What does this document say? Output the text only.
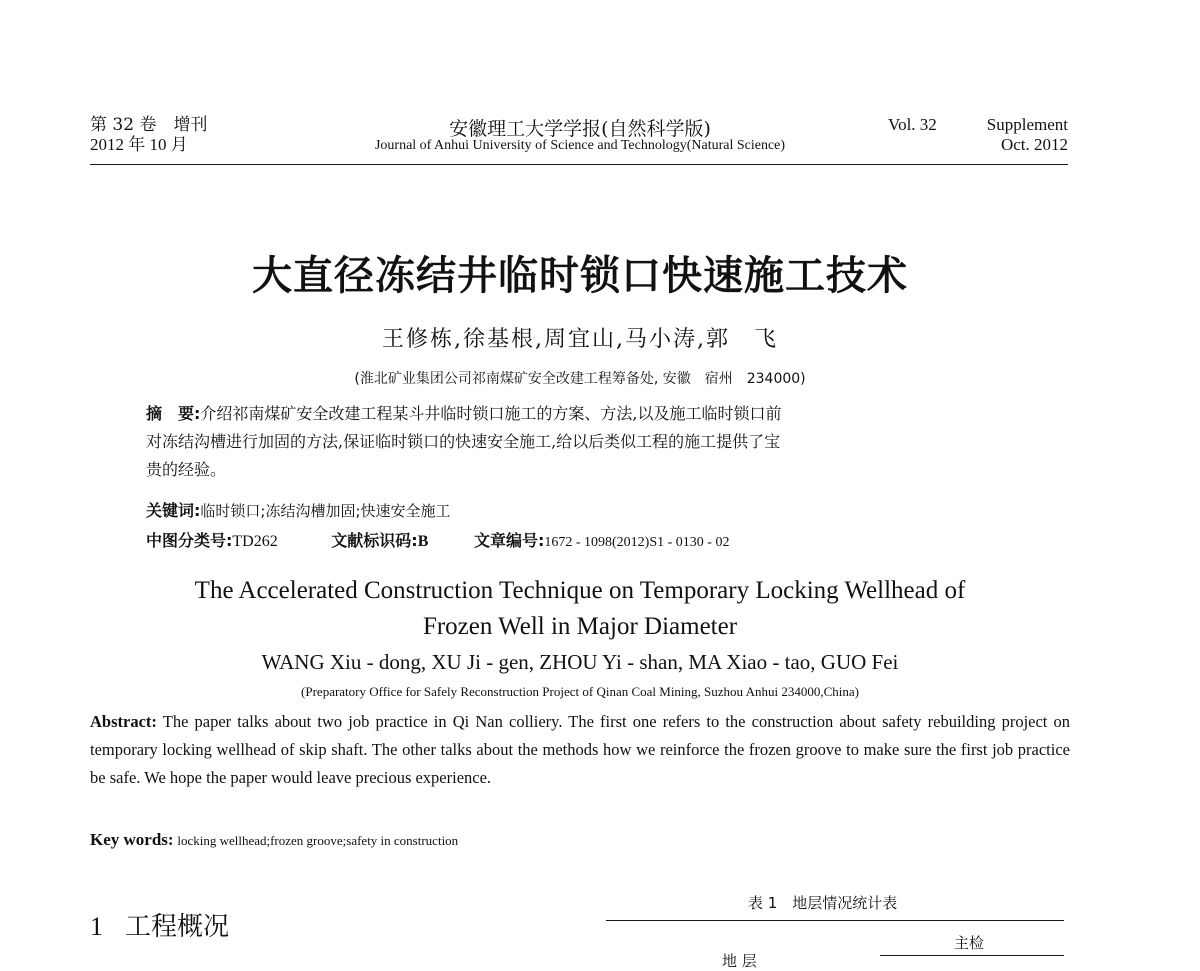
第 32 卷　增刊
2012 年 10 月
安徽理工大学学报(自然科学版)
Journal of Anhui University of Science and Technology(Natural Science)
Vol. 32	Supplement
Oct. 2012
大直径冻结井临时锁口快速施工技术
王修栋,徐基根,周宜山,马小涛,郭　飞
(淮北矿业集团公司祁南煤矿安全改建工程筹备处, 安徽　宿州　234000)
摘　要:介绍祁南煤矿安全改建工程某斗井临时锁口施工的方案、方法,以及施工临时锁口前
对冻结沟槽进行加固的方法,保证临时锁口的快速安全施工,给以后类似工程的施工提供了宝
贵的经验。
关键词:临时锁口;冻结沟槽加固;快速安全施工
中图分类号:TD262	文献标识码:B	文章编号:1672 - 1098(2012)S1 - 0130 - 02
The Accelerated Construction Technique on Temporary Locking Wellhead of
Frozen Well in Major Diameter
WANG Xiu - dong, XU Ji - gen, ZHOU Yi - shan, MA Xiao - tao, GUO Fei
(Preparatory Office for Safely Reconstruction Project of Qinan Coal Mining, Suzhou Anhui 234000,China)
Abstract: The paper talks about two job practice in Qi Nan colliery. The first one refers to the construction about safety rebuilding project on temporary locking wellhead of skip shaft. The other talks about the methods how we reinforce the frozen groove to make sure the first job practice be safe. We hope the paper would leave precious experience.
Key words: locking wellhead;frozen groove;safety in construction
1 工程概况
表 1　地层情况统计表
主检
地 层
